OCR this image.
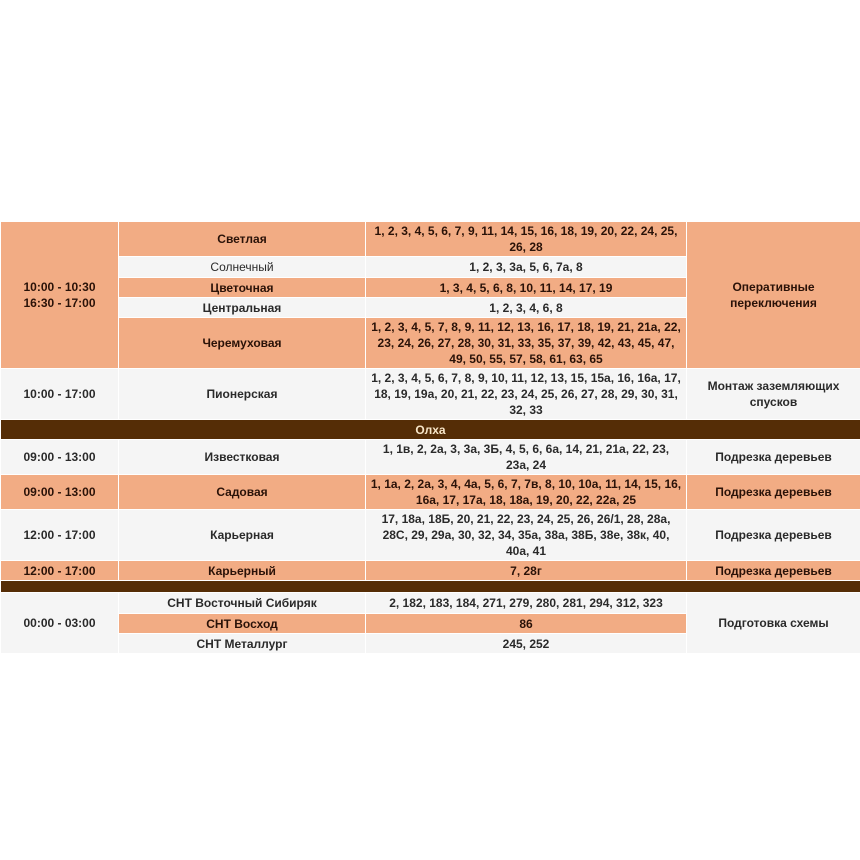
10:00 - 10:30
16:30 - 17:00	Светлая	1, 2, 3, 4, 5, 6, 7, 9, 11, 14, 15, 16, 18, 19, 20, 22, 24, 25, 26, 28	Оперативные переключения
	Солнечный	1, 2, 3, 3а, 5, 6, 7а, 8	
	Цветочная	1, 3, 4, 5, 6, 8, 10, 11, 14, 17, 19	
	Центральная	1, 2, 3, 4, 6, 8	
	Черемуховая	1, 2, 3, 4, 5, 7, 8, 9, 11, 12, 13, 16, 17, 18, 19, 21, 21а, 22, 23, 24, 26, 27, 28, 30, 31, 33, 35, 37, 39, 42, 43, 45, 47, 49, 50, 55, 57, 58, 61, 63, 65	
10:00 - 17:00	Пионерская	1, 2, 3, 4, 5, 6, 7, 8, 9, 10, 11, 12, 13, 15, 15а, 16, 16а, 17, 18, 19, 19а, 20, 21, 22, 23, 24, 25, 26, 27, 28, 29, 30, 31, 32, 33	Монтаж заземляющих спусков
Олха			
09:00 - 13:00	Известковая	1, 1в, 2, 2а, 3, 3а, 3Б, 4, 5, 6, 6а, 14, 21, 21а, 22, 23, 23а, 24	Подрезка деревьев
09:00 - 13:00	Садовая	1, 1а, 2, 2а, 3, 4, 4а, 5, 6, 7, 7в, 8, 10, 10а, 11, 14, 15, 16, 16а, 17, 17а, 18, 18а, 19, 20, 22, 22а, 25	Подрезка деревьев
12:00 - 17:00	Карьерная	17, 18а, 18Б, 20, 21, 22, 23, 24, 25, 26, 26/1, 28, 28а, 28С, 29, 29а, 30, 32, 34, 35а, 38а, 38Б, 38е, 38к, 40, 40а, 41	Подрезка деревьев
12:00 - 17:00	Карьерный	7, 28г	Подрезка деревьев

00:00 - 03:00	СНТ Восточный Сибиряк	2, 182, 183, 184, 271, 279, 280, 281, 294, 312, 323	Подготовка схемы
	СНТ Восход	86	
	СНТ Металлург	245, 252	
